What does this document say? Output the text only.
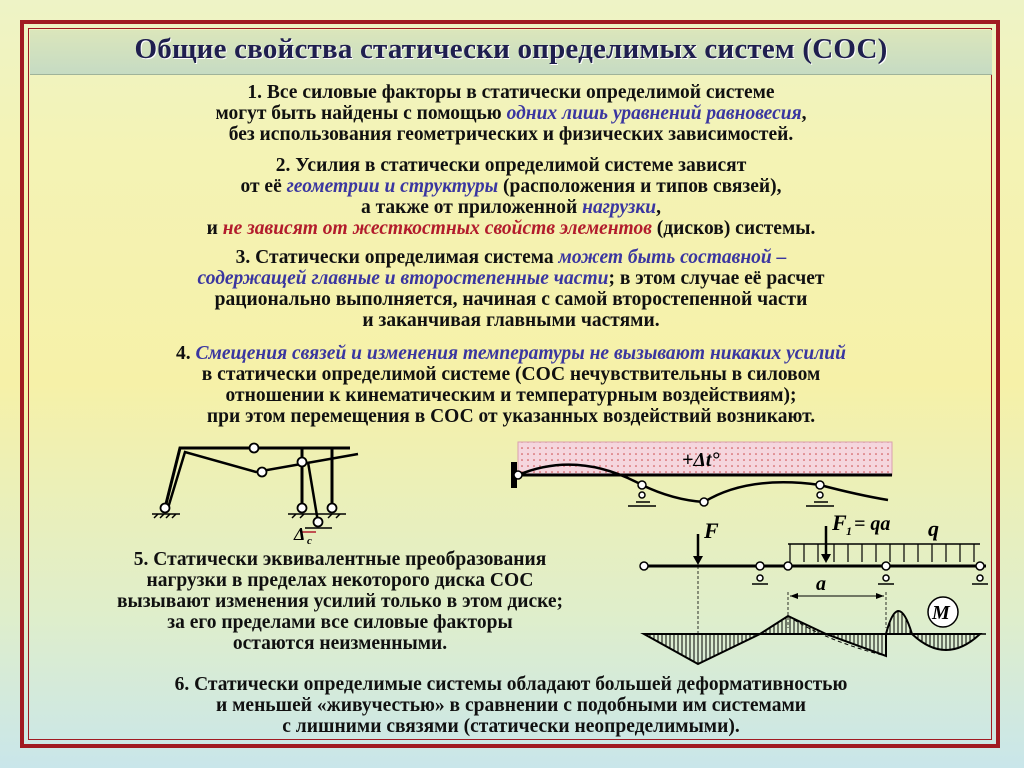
Общие свойства статически определимых систем (СОС)
1. Все силовые факторы в статически определимой системе
могут быть найдены с помощью одних лишь уравнений равновесия,
без использования геометрических и физических зависимостей.
2. Усилия в статически определимой системе зависят
от её геометрии и структуры (расположения и типов связей),
а также от приложенной нагрузки,
и не зависят от жесткостных свойств элементов (дисков) системы.
3. Статически определимая система может быть составной –
содержащей главные и второстепенные части; в этом случае её расчет
рационально выполняется, начиная с самой второстепенной части
и заканчивая главными частями.
4. Смещения связей и изменения температуры не вызывают никаких усилий
в статически определимой системе (СОС нечувствительны в силовом
отношении к кинематическим и температурным воздействиям);
при этом перемещения в СОС от указанных воздействий возникают.
Δ c
+Δt°
5. Статически эквивалентные преобразования
нагрузки в пределах некоторого диска СОС
вызывают изменения усилий только в этом диске;
за его пределами все силовые факторы
остаются неизменными.
F	F 1 = qa q
a
M
6. Статически определимые системы обладают большей деформативностью
и меньшей «живучестью» в сравнении с подобными им системами
с лишними связями (статически неопределимыми).
